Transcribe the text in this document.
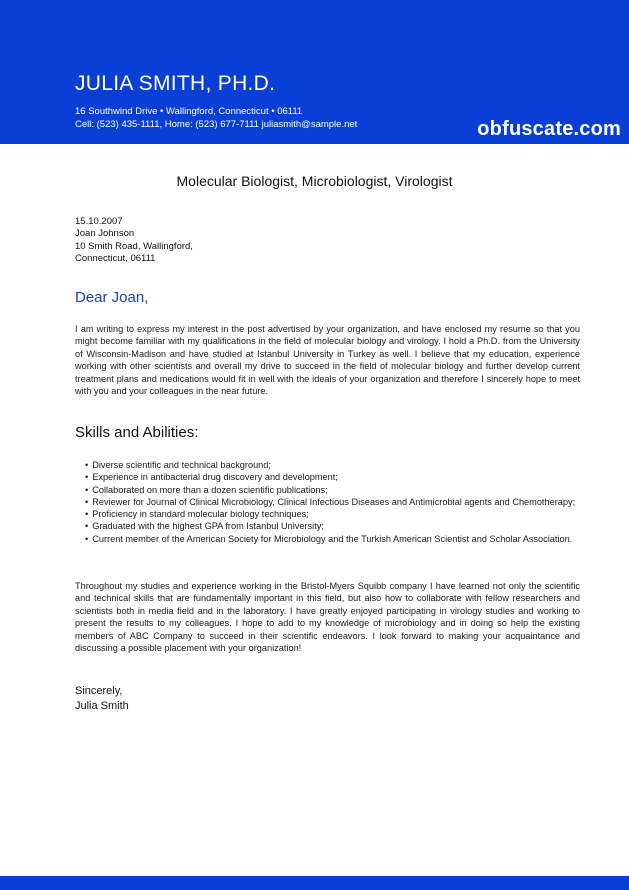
JULIA SMITH, PH.D.
16 Southwind Drive • Wallingford, Connecticut • 06111
Cell: (523) 435-1111, Home: (523) 677-7111 juliasmith@sample.net	obfuscate.com
Molecular Biologist, Microbiologist, Virologist
15.10.2007
Joan Johnson
10 Smith Road, Wallingford,
Connecticut, 06111
Dear Joan,

I am writing to express my interest in the post advertised by your organization, and have enclosed my resume so that you might become familiar with my qualifications in the field of molecular biology and virology. I hold a Ph.D. from the University of Wisconsin-Madison and have studied at Istanbul University in Turkey as well. I believe that my education, experience working with other scientists and overall my drive to succeed in the field of molecular biology and further develop current treatment plans and medications would fit in well with the ideals of your organization and therefore I sincerely hope to meet with you and your colleagues in the near future.

Skills and Abilities:
• Diverse scientific and technical background;
• Experience in antibacterial drug discovery and development;
• Collaborated on more than a dozen scientific publications;
• Reviewer for Journal of Clinical Microbiology, Clinical Infectious Diseases and Antimicrobial agents and Chemotherapy;
• Proficiency in standard molecular biology techniques;
• Graduated with the highest GPA from Istanbul University;
• Current member of the American Society for Microbiology and the Turkish American Scientist and Scholar Association.

Throughout my studies and experience working in the Bristol-Myers Squibb company I have learned not only the scientific and technical skills that are fundamentally important in this field, but also how to collaborate with fellow researchers and scientists both in media field and in the laboratory. I have greatly enjoyed participating in virology studies and working to present the results to my colleagues. I hope to add to my knowledge of microbiology and in doing so help the existing members of ABC Company to succeed in their scientific endeavors. I look forward to making your acquaintance and discussing a possible placement with your organization!

Sincerely,
Julia Smith
